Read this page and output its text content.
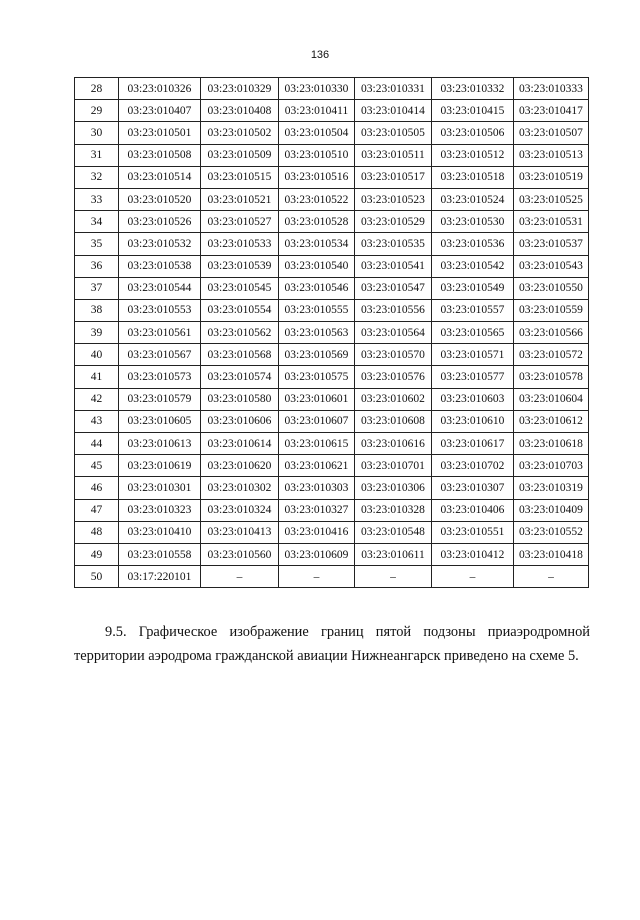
136
28	03:23:010326	03:23:010329	03:23:010330	03:23:010331	03:23:010332	03:23:010333
29	03:23:010407	03:23:010408	03:23:010411	03:23:010414	03:23:010415	03:23:010417
30	03:23:010501	03:23:010502	03:23:010504	03:23:010505	03:23:010506	03:23:010507
31	03:23:010508	03:23:010509	03:23:010510	03:23:010511	03:23:010512	03:23:010513
32	03:23:010514	03:23:010515	03:23:010516	03:23:010517	03:23:010518	03:23:010519
33	03:23:010520	03:23:010521	03:23:010522	03:23:010523	03:23:010524	03:23:010525
34	03:23:010526	03:23:010527	03:23:010528	03:23:010529	03:23:010530	03:23:010531
35	03:23:010532	03:23:010533	03:23:010534	03:23:010535	03:23:010536	03:23:010537
36	03:23:010538	03:23:010539	03:23:010540	03:23:010541	03:23:010542	03:23:010543
37	03:23:010544	03:23:010545	03:23:010546	03:23:010547	03:23:010549	03:23:010550
38	03:23:010553	03:23:010554	03:23:010555	03:23:010556	03:23:010557	03:23:010559
39	03:23:010561	03:23:010562	03:23:010563	03:23:010564	03:23:010565	03:23:010566
40	03:23:010567	03:23:010568	03:23:010569	03:23:010570	03:23:010571	03:23:010572
41	03:23:010573	03:23:010574	03:23:010575	03:23:010576	03:23:010577	03:23:010578
42	03:23:010579	03:23:010580	03:23:010601	03:23:010602	03:23:010603	03:23:010604
43	03:23:010605	03:23:010606	03:23:010607	03:23:010608	03:23:010610	03:23:010612
44	03:23:010613	03:23:010614	03:23:010615	03:23:010616	03:23:010617	03:23:010618
45	03:23:010619	03:23:010620	03:23:010621	03:23:010701	03:23:010702	03:23:010703
46	03:23:010301	03:23:010302	03:23:010303	03:23:010306	03:23:010307	03:23:010319
47	03:23:010323	03:23:010324	03:23:010327	03:23:010328	03:23:010406	03:23:010409
48	03:23:010410	03:23:010413	03:23:010416	03:23:010548	03:23:010551	03:23:010552
49	03:23:010558	03:23:010560	03:23:010609	03:23:010611	03:23:010412	03:23:010418
50	03:17:220101	–	–	–	–	–
9.5. Графическое изображение границ пятой подзоны приаэродромной
территории аэродрома гражданской авиации Нижнеангарск приведено на схеме 5.
